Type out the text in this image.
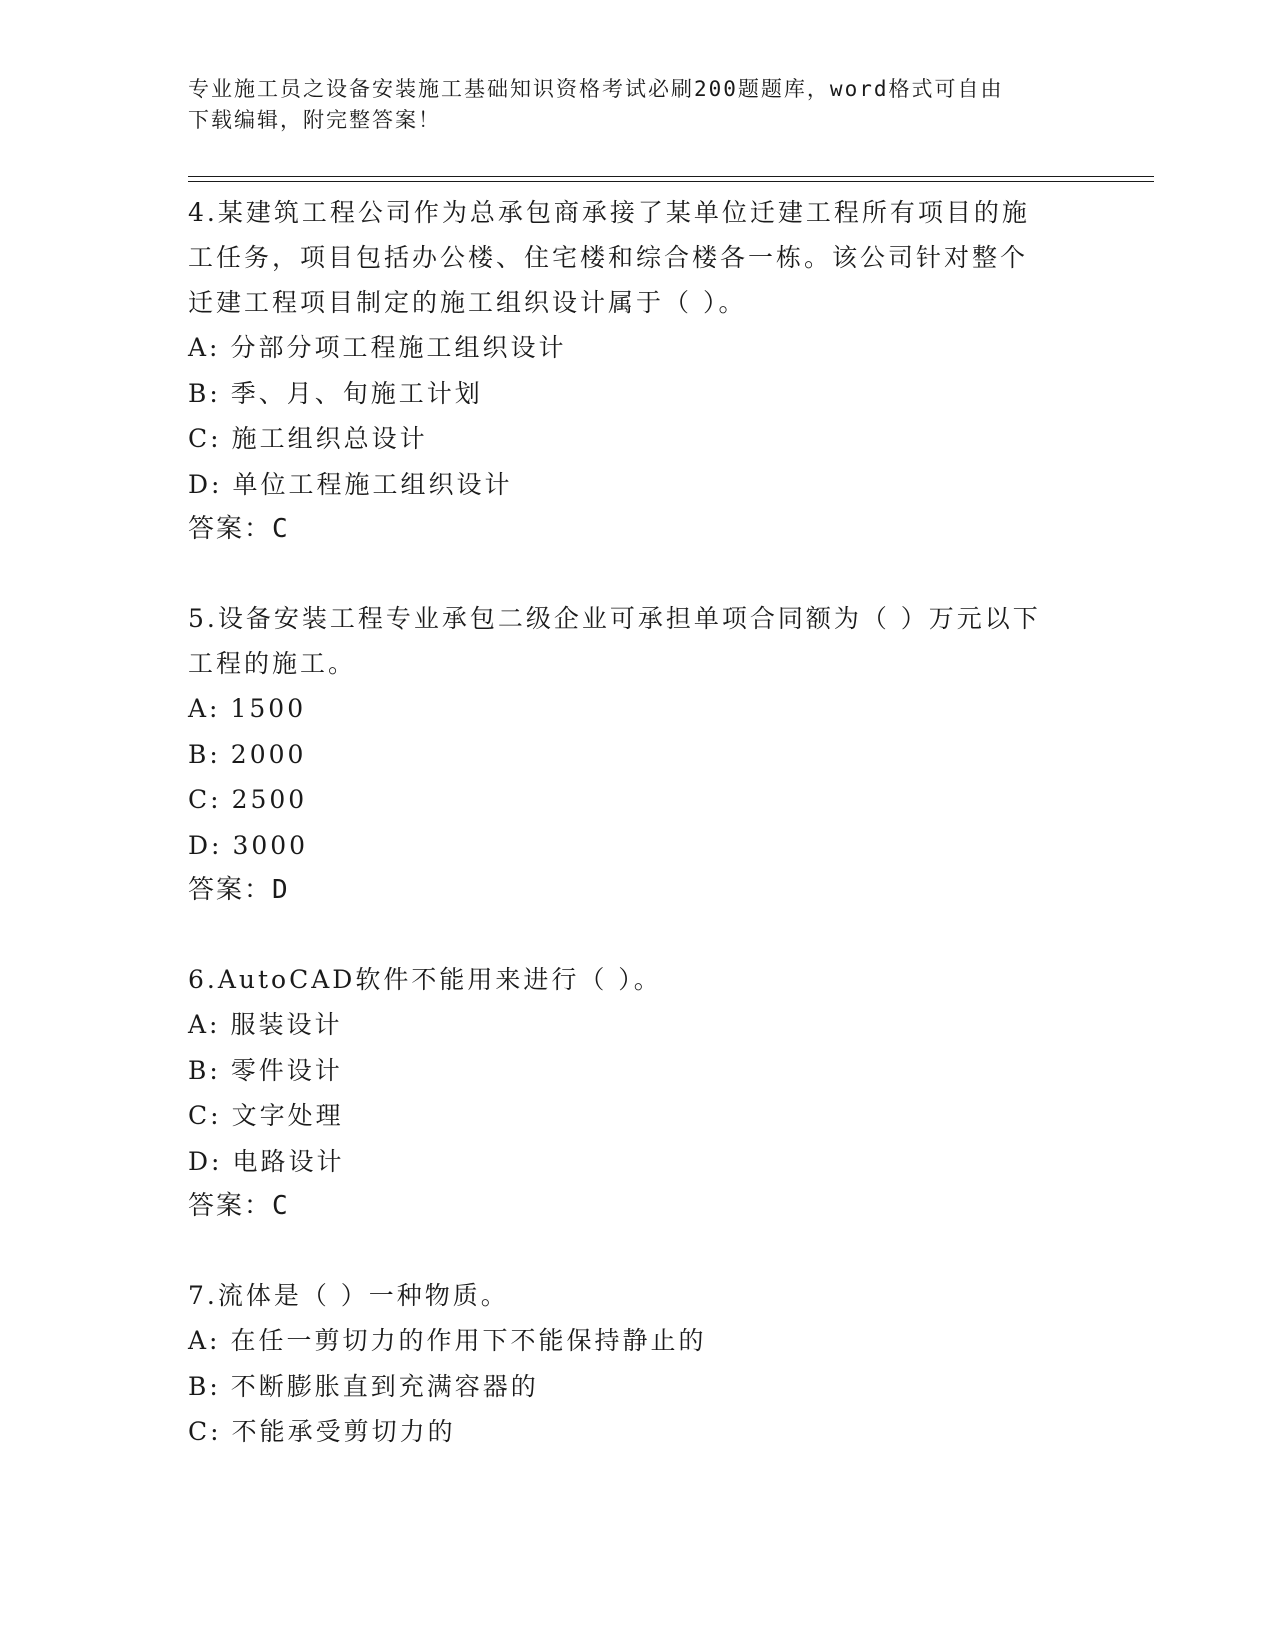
专业施工员之设备安装施工基础知识资格考试必刷200题题库，word格式可自由
下载编辑，附完整答案！
4.某建筑工程公司作为总承包商承接了某单位迁建工程所有项目的施
工任务，项目包括办公楼、住宅楼和综合楼各一栋。该公司针对整个
迁建工程项目制定的施工组织设计属于（ ）。
A: 分部分项工程施工组织设计
B: 季、月、旬施工计划
C: 施工组织总设计
D: 单位工程施工组织设计
答案：C
5.设备安装工程专业承包二级企业可承担单项合同额为（ ）万元以下
工程的施工。
A: 1500
B: 2000
C: 2500
D: 3000
答案：D
6.AutoCAD软件不能用来进行（ ）。
A: 服装设计
B: 零件设计
C: 文字处理
D: 电路设计
答案：C
7.流体是（ ）一种物质。
A: 在任一剪切力的作用下不能保持静止的
B: 不断膨胀直到充满容器的
C: 不能承受剪切力的
